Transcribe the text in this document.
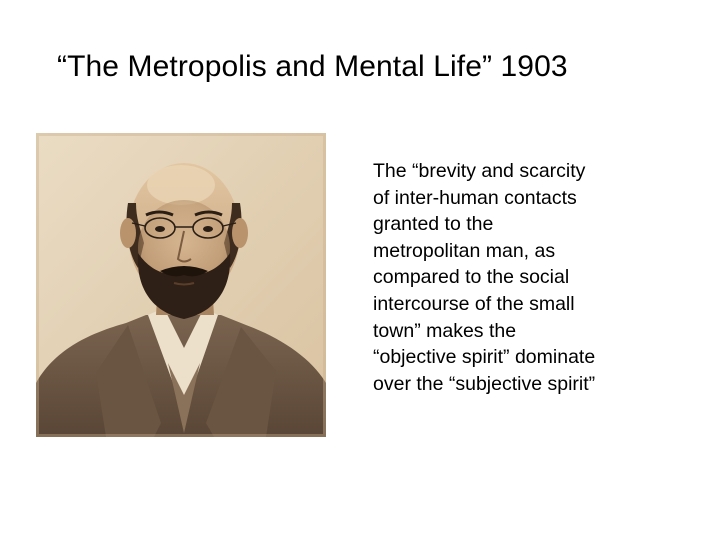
“The Metropolis and Mental Life” 1903
The “brevity and scarcity
of inter-human contacts
granted to the
metropolitan man, as
compared to the social
intercourse of the small
town” makes the
“objective spirit” dominate
over the “subjective spirit”
